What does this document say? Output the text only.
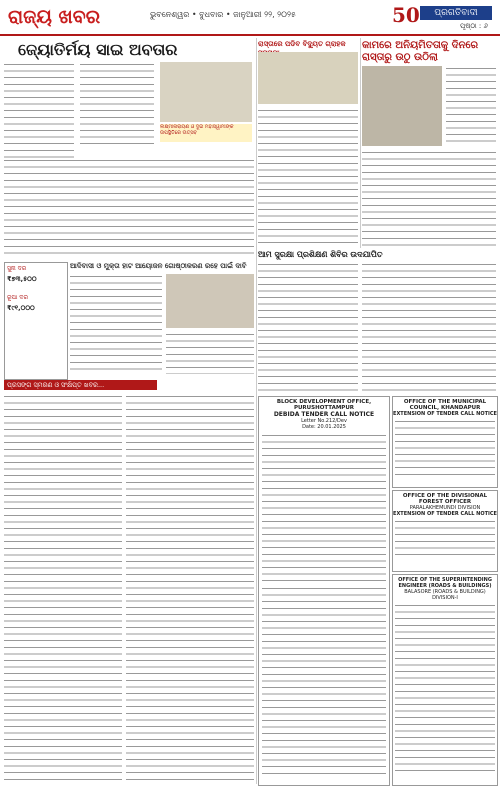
ରାଜ୍ୟ ଖବର	ଭୁବନେଶ୍ୱର • ବୁଧବାର • ଜାନୁଆରୀ ୨୨, ୨୦୨୫	50	ପ୍ରଗତିବାଦୀ
ପୃଷ୍ଠା : ୬
ଜ୍ୟୋତିର୍ମୟ ସାଇ ଅବତାର
ଲକ୍ଷ୍ମୀନାରାୟଣ ଓ ଦୁଇ ମହାସ୍ୱାମୀଙ୍କ ଉପସ୍ଥିତିରେ ଉତ୍ସବ
ସୁନା ଦର
₹୭୩,୫୦୦
ରୂପା ଦର
₹୯୧,୦୦୦
ଆଦିବାସୀ ଓ ମୁକ୍ତା ହାଟ ଆୟୋଜନ ଗୋଷ୍ଠୀକରଣ ରହେ ପାଇଁ ଦାବି
ପ୍ରସଙ୍ଗ ସ୍ମରଣ ଓ ସଂକ୍ଷିପ୍ତ ଖବର...
ରାସ୍ତାରେ ପଡିବ ବିଦ୍ୟୁତ ଗ୍ରାହକ	କାମରେ ଅନିୟମିତତାକୁ ଦିନରେ ରାସ୍ତାରୁ ଉଠୁ ଉଠିଲା
ଆମ ସୁରକ୍ଷା ପ୍ରଶିକ୍ଷଣ ଶିବିର ଉଦଯାପିତ
BLOCK DEVELOPMENT OFFICE, PURUSHOTTAMPUR
DEBIDA TENDER CALL NOTICE
Letter No.212/Dev
Date: 20.01.2025
OFFICE OF THE MUNICIPAL COUNCIL, KHANDAPUR
EXTENSION OF TENDER CALL NOTICE
OFFICE OF THE DIVISIONAL FOREST OFFICER
PARALAKHEMUNDI DIVISION
EXTENSION OF TENDER CALL NOTICE
OFFICE OF THE SUPERINTENDING ENGINEER (ROADS & BUILDINGS)
BALASORE (ROADS & BUILDING) DIVISION-I
